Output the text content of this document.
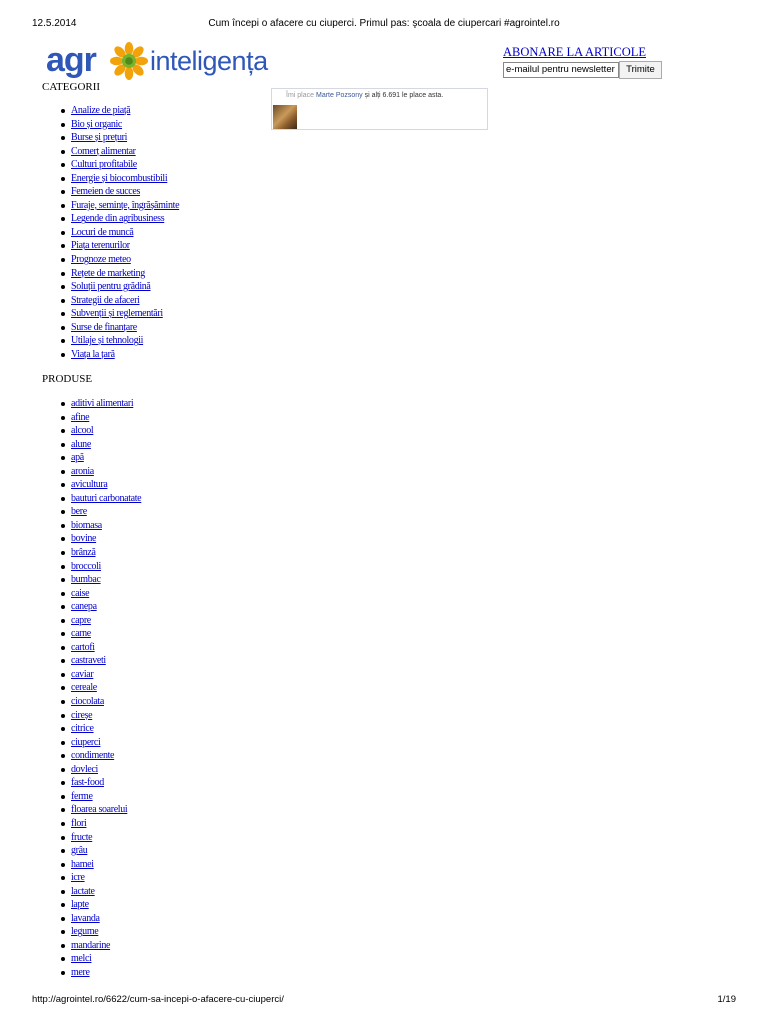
12.5.2014	Cum începi o afacere cu ciuperci. Primul pas: şcoala de ciupercari #agrointel.ro
agr inteligența	ABONARE LA ARTICOLE
e-mailul pentru newsletter	Trimite
Îmi place Marte Pozsony și alți 6.691 le place asta.
CATEGORII
Analize de piață
Bio și organic
Burse și prețuri
Comerț alimentar
Culturi profitabile
Energie și biocombustibili
Femeien de succes
Furaje, semințe, îngrășăminte
Legende din agribusiness
Locuri de muncă
Piața terenurilor
Prognoze meteo
Rețete de marketing
Soluții pentru grădină
Strategii de afaceri
Subvenții și reglementări
Surse de finanțare
Utilaje și tehnologii
Viața la țară
PRODUSE
aditivi alimentari
afine
alcool
alune
apă
aronia
avicultura
bauturi carbonatate
bere
biomasa
bovine
brânză
broccoli
bumbac
caise
canepa
capre
carne
cartofi
castraveti
caviar
cereale
ciocolata
cireșe
citrice
ciuperci
condimente
dovleci
fast-food
ferme
floarea soarelui
flori
fructe
grâu
hamei
icre
lactate
lapte
lavanda
legume
mandarine
melci
mere
http://agrointel.ro/6622/cum-sa-incepi-o-afacere-cu-ciuperci/	1/19
